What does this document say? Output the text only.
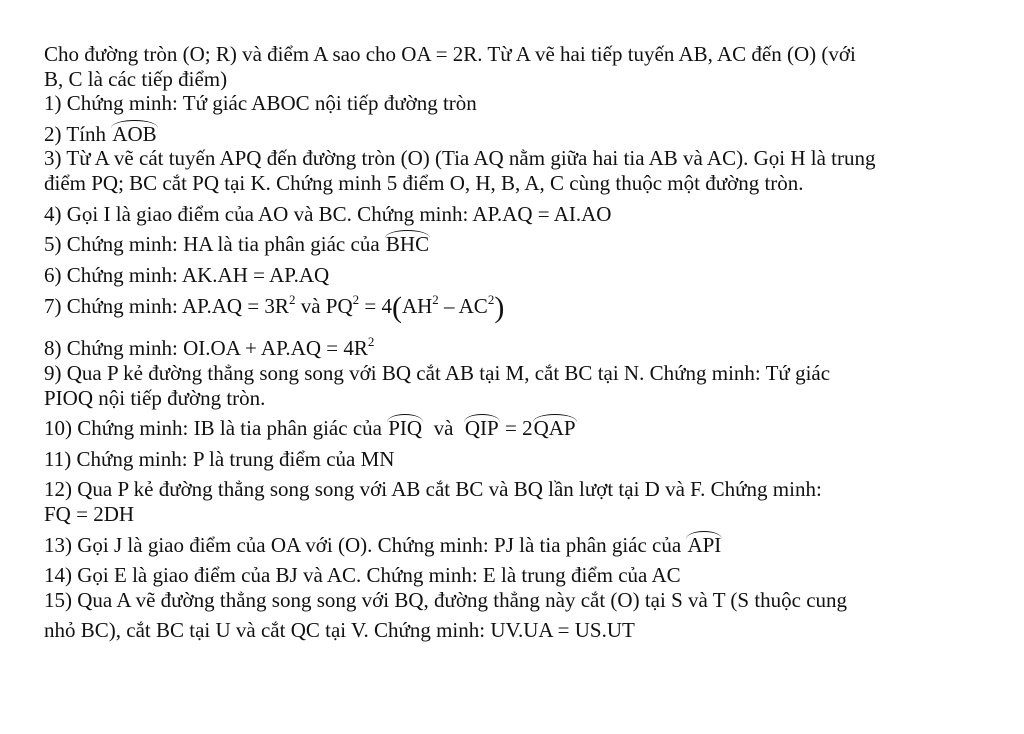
Cho đường tròn (O; R) và điểm A sao cho OA = 2R. Từ A vẽ hai tiếp tuyến AB, AC đến (O) (với

B, C là các tiếp điểm)

1) Chứng minh: Tứ giác ABOC nội tiếp đường tròn

2) Tính AOB

3) Từ A vẽ cát tuyến APQ đến đường tròn (O) (Tia AQ nằm giữa hai tia AB và AC). Gọi H là trung

điểm PQ; BC cắt PQ tại K. Chứng minh 5 điểm O, H, B, A, C cùng thuộc một đường tròn.

4) Gọi I là giao điểm của AO và BC. Chứng minh: AP.AQ = AI.AO

5) Chứng minh: HA là tia phân giác của BHC

6) Chứng minh: AK.AH = AP.AQ

7) Chứng minh: $AP.AQ = 3R^2$ và $PQ^2 = 4(AH^2 - AC^2)$

8) Chứng minh: $OI.OA + AP.AQ = 4R^2$

9) Qua P kẻ đường thẳng song song với BQ cắt AB tại M, cắt BC tại N. Chứng minh: Tứ giác

PIOQ nội tiếp đường tròn.

10) Chứng minh: IB là tia phân giác của PIQ  và  QIP = 2QAP

11) Chứng minh: P là trung điểm của MN

12) Qua P kẻ đường thẳng song song với AB cắt BC và BQ lần lượt tại D và F. Chứng minh:

FQ = 2DH

13) Gọi J là giao điểm của OA với (O). Chứng minh: PJ là tia phân giác của API

14) Gọi E là giao điểm của BJ và AC. Chứng minh: E là trung điểm của AC

15) Qua A vẽ đường thẳng song song với BQ, đường thẳng này cắt (O) tại S và T (S thuộc cung

nhỏ BC), cắt BC tại U và cắt QC tại V. Chứng minh: UV.UA = US.UT
